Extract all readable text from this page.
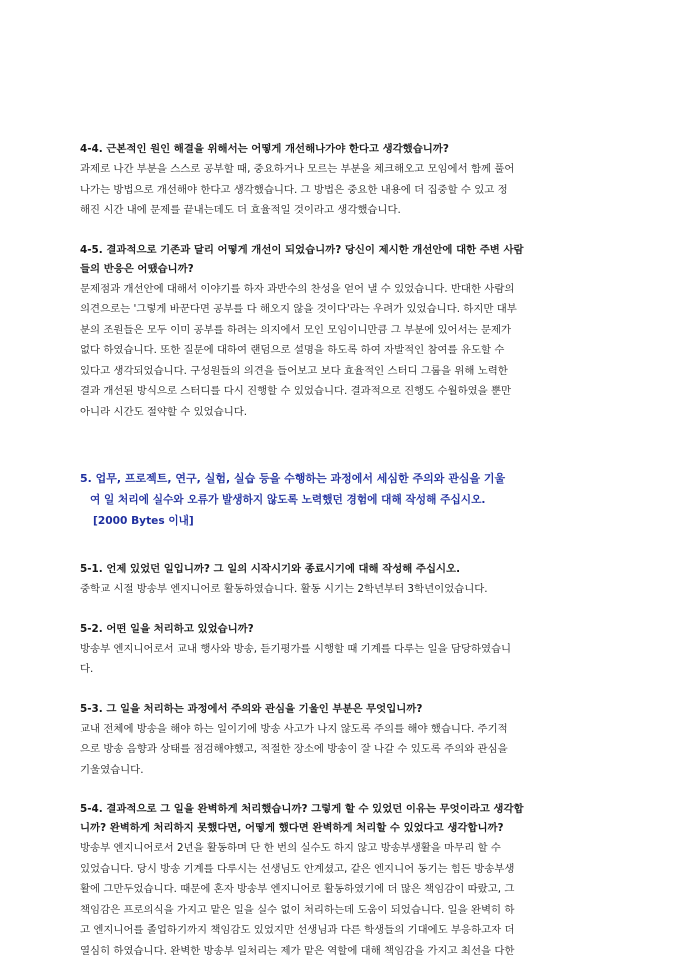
4-4. 근본적인 원인 해결을 위해서는 어떻게 개선해나가야 한다고 생각했습니까?

과제로 나간 부분을 스스로 공부할 때, 중요하거나 모르는 부분을 체크해오고 모임에서 함께 풀어
나가는 방법으로 개선해야 한다고 생각했습니다. 그 방법은 중요한 내용에 더 집중할 수 있고 정
해진 시간 내에 문제를 끝내는데도 더 효율적일 것이라고 생각했습니다.

4-5. 결과적으로 기존과 달리 어떻게 개선이 되었습니까? 당신이 제시한 개선안에 대한 주변 사람
들의 반응은 어땠습니까?

문제점과 개선안에 대해서 이야기를 하자 과반수의 찬성을 얻어 낼 수 있었습니다. 반대한 사람의
의견으로는 '그렇게 바꾼다면 공부를 다 해오지 않을 것이다'라는 우려가 있었습니다. 하지만 대부
분의 조원들은 모두 이미 공부를 하려는 의지에서 모인 모임이니만큼 그 부분에 있어서는 문제가
없다 하였습니다. 또한 질문에 대하여 랜덤으로 설명을 하도록 하여 자발적인 참여를 유도할 수
있다고 생각되었습니다. 구성원들의 의견을 들어보고 보다 효율적인 스터디 그룹을 위해 노력한
결과 개선된 방식으로 스터디를 다시 진행할 수 있었습니다. 결과적으로 진행도 수월하였을 뿐만
아니라 시간도 절약할 수 있었습니다.

5. 업무, 프로젝트, 연구, 실험, 실습 등을 수행하는 과정에서 세심한 주의와 관심을 기울
여 일 처리에 실수와 오류가 발생하지 않도록 노력했던 경험에 대해 작성해 주십시오.
[2000 Bytes 이내]

5-1. 언제 있었던 일입니까? 그 일의 시작시기와 종료시기에 대해 작성해 주십시오.

중학교 시절 방송부 엔지니어로 활동하였습니다. 활동 시기는 2학년부터 3학년이었습니다.

5-2. 어떤 일을 처리하고 있었습니까?

방송부 엔지니어로서 교내 행사와 방송, 듣기평가를 시행할 때 기계를 다루는 일을 담당하였습니
다.

5-3. 그 일을 처리하는 과정에서 주의와 관심을 기울인 부분은 무엇입니까?

교내 전체에 방송을 해야 하는 일이기에 방송 사고가 나지 않도록 주의를 해야 했습니다. 주기적
으로 방송 음향과 상태를 점검해야했고, 적절한 장소에 방송이 잘 나갈 수 있도록 주의와 관심을
기울였습니다.

5-4. 결과적으로 그 일을 완벽하게 처리했습니까? 그렇게 할 수 있었던 이유는 무엇이라고 생각합
니까? 완벽하게 처리하지 못했다면, 어떻게 했다면 완벽하게 처리할 수 있었다고 생각합니까?

방송부 엔지니어로서 2년을 활동하며 단 한 번의 실수도 하지 않고 방송부생활을 마무리 할 수
있었습니다. 당시 방송 기계를 다루시는 선생님도 안계셨고, 같은 엔지니어 동기는 힘든 방송부생
활에 그만두었습니다. 때문에 혼자 방송부 엔지니어로 활동하였기에 더 많은 책임감이 따랐고, 그
책임감은 프로의식을 가지고 맡은 일을 실수 없이 처리하는데 도움이 되었습니다. 일을 완벽히 하
고 엔지니어를 졸업하기까지 책임감도 있었지만 선생님과 다른 학생들의 기대에도 부응하고자 더
열심히 하였습니다. 완벽한 방송부 일처리는 제가 맡은 역할에 대해 책임감을 가지고 최선을 다한
